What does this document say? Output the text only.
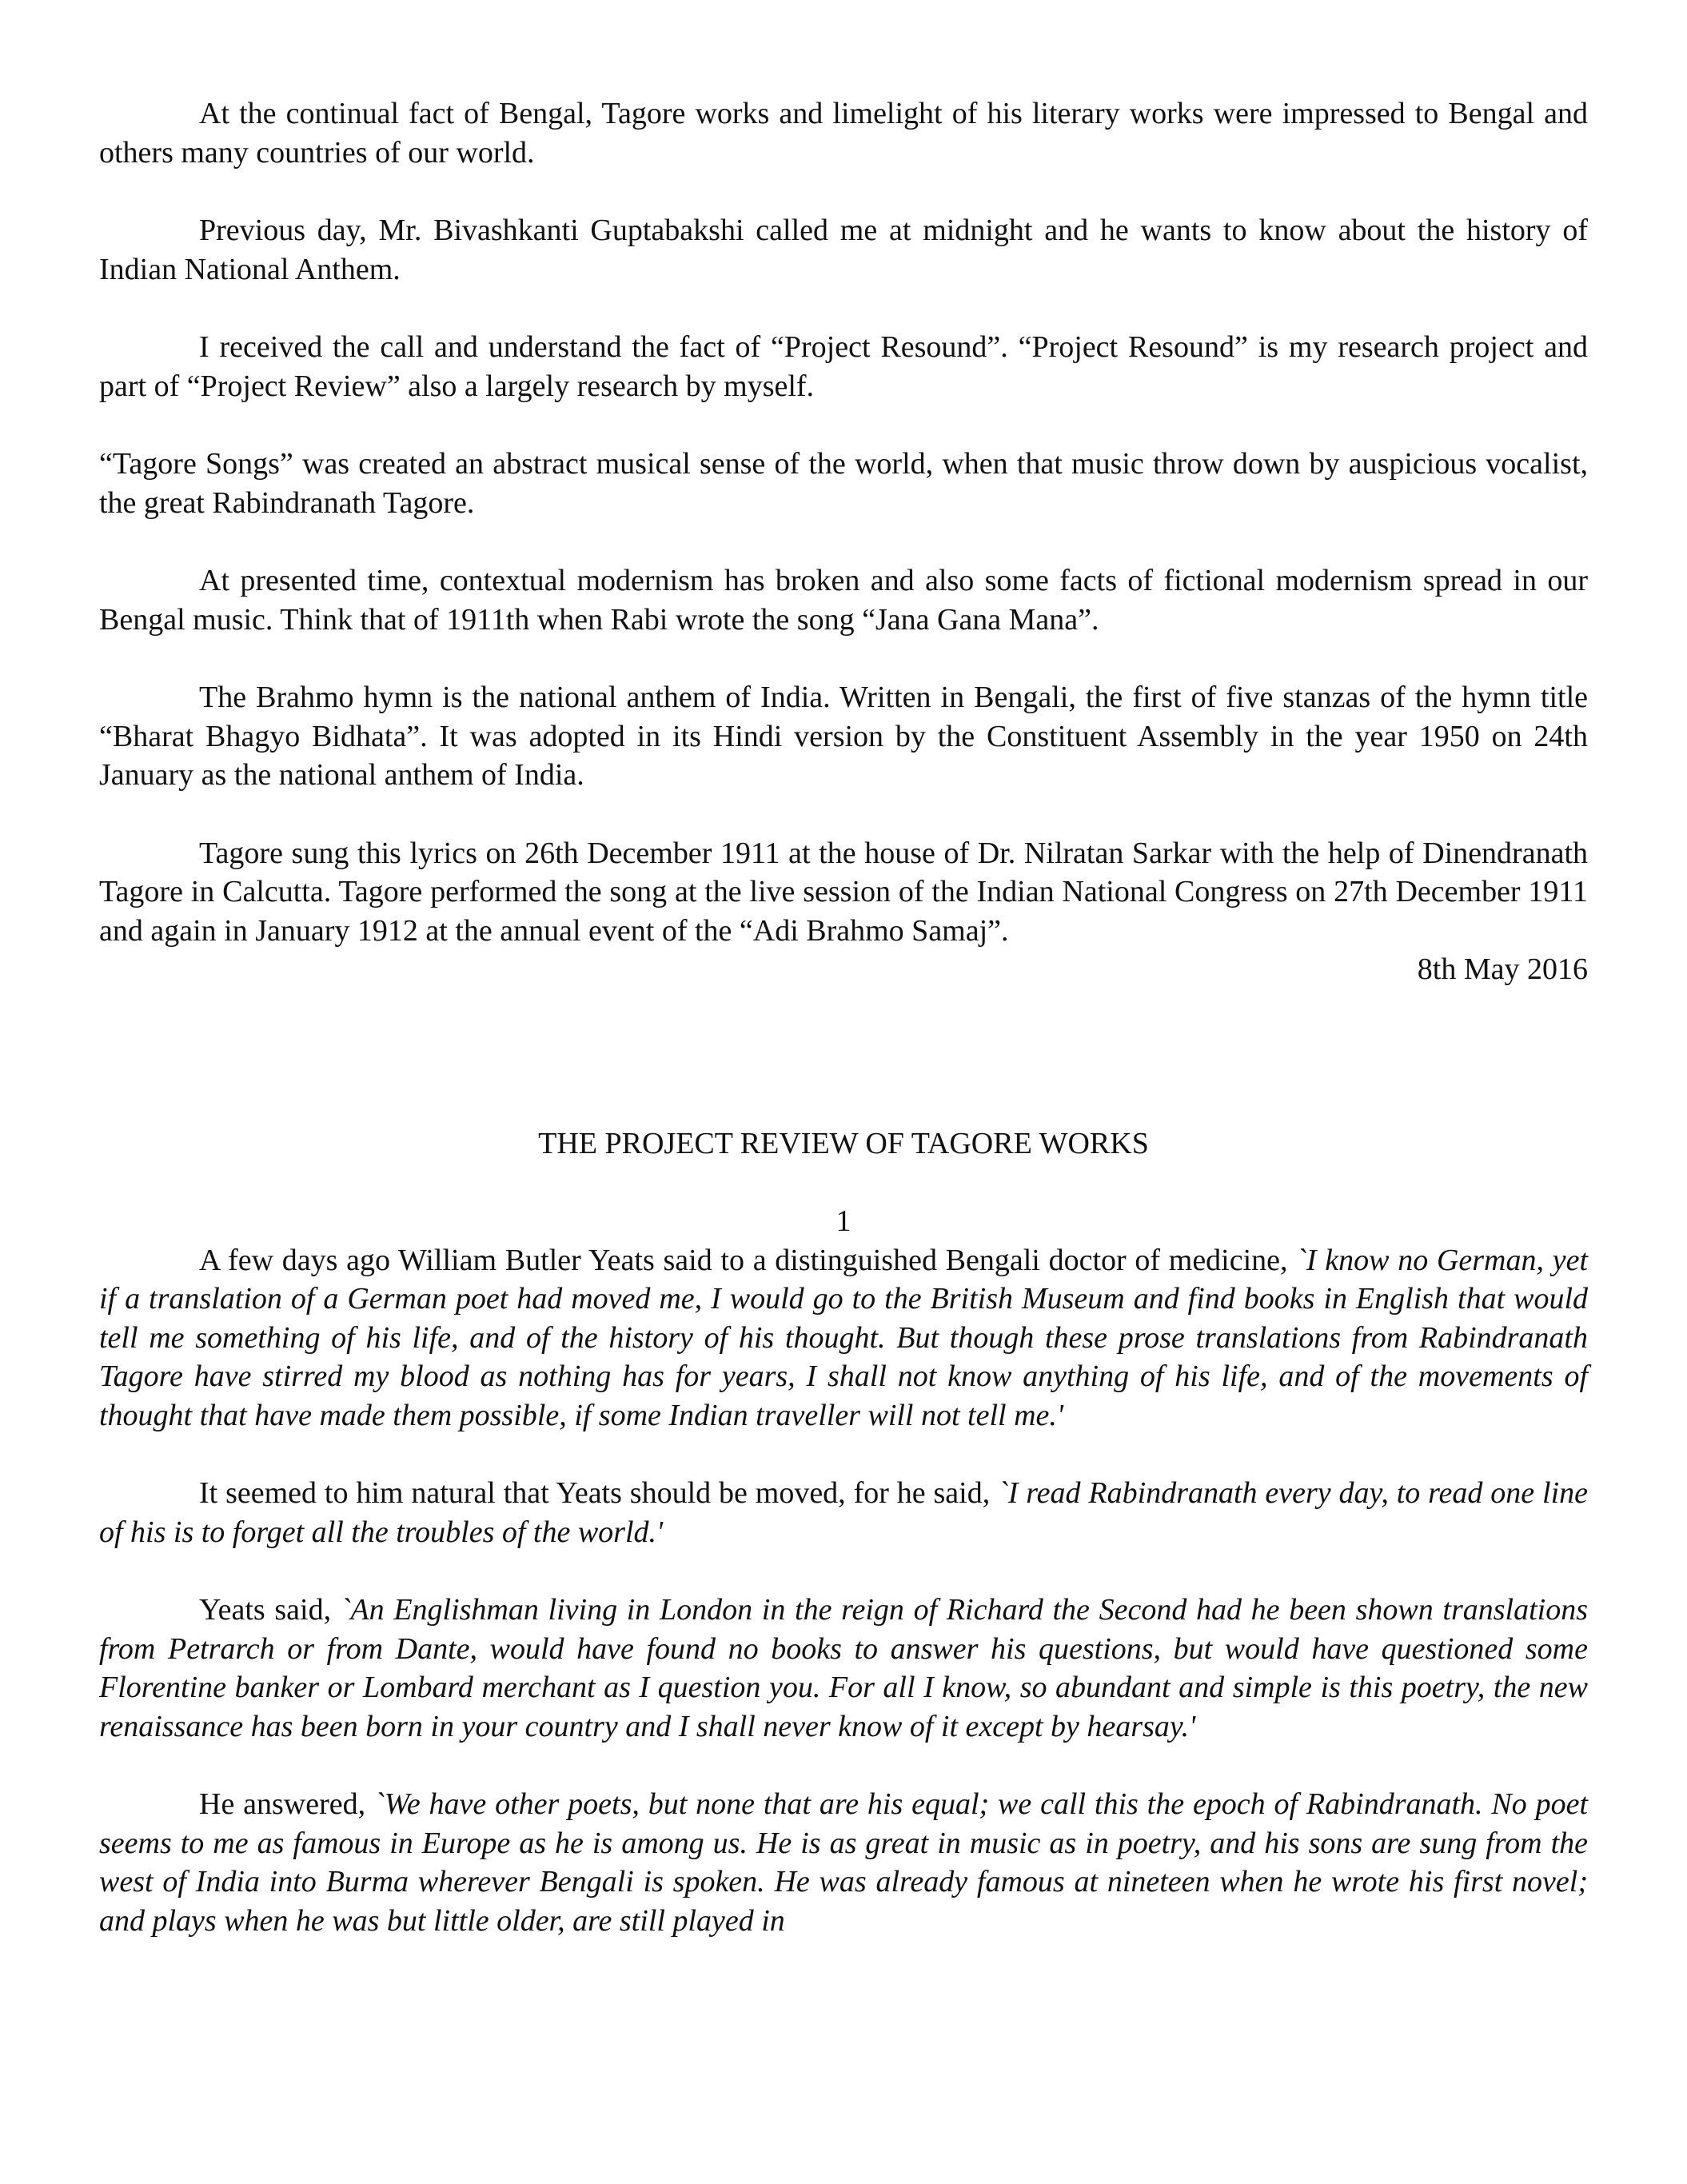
At the continual fact of Bengal, Tagore works and limelight of his literary works were impressed to Bengal and others many countries of our world.

Previous day, Mr. Bivashkanti Guptabakshi called me at midnight and he wants to know about the history of Indian National Anthem.

I received the call and understand the fact of “Project Resound”. “Project Resound” is my research project and part of “Project Review” also a largely research by myself.

“Tagore Songs” was created an abstract musical sense of the world, when that music throw down by auspicious vocalist, the great Rabindranath Tagore.

At presented time, contextual modernism has broken and also some facts of fictional modernism spread in our Bengal music. Think that of 1911th when Rabi wrote the song “Jana Gana Mana”.

The Brahmo hymn is the national anthem of India. Written in Bengali, the first of five stanzas of the hymn title “Bharat Bhagyo Bidhata”. It was adopted in its Hindi version by the Constituent Assembly in the year 1950 on 24th January as the national anthem of India.

Tagore sung this lyrics on 26th December 1911 at the house of Dr. Nilratan Sarkar with the help of Dinendranath Tagore in Calcutta. Tagore performed the song at the live session of the Indian National Congress on 27th December 1911 and again in January 1912 at the annual event of the “Adi Brahmo Samaj”.

8th May 2016

THE PROJECT REVIEW OF TAGORE WORKS
1

A few days ago William Butler Yeats said to a distinguished Bengali doctor of medicine, `I know no German, yet if a translation of a German poet had moved me, I would go to the British Museum and find books in English that would tell me something of his life, and of the history of his thought. But though these prose translations from Rabindranath Tagore have stirred my blood as nothing has for years, I shall not know anything of his life, and of the movements of thought that have made them possible, if some Indian traveller will not tell me.'

It seemed to him natural that Yeats should be moved, for he said, `I read Rabindranath every day, to read one line of his is to forget all the troubles of the world.'

Yeats said, `An Englishman living in London in the reign of Richard the Second had he been shown translations from Petrarch or from Dante, would have found no books to answer his questions, but would have questioned some Florentine banker or Lombard merchant as I question you. For all I know, so abundant and simple is this poetry, the new renaissance has been born in your country and I shall never know of it except by hearsay.'

He answered, `We have other poets, but none that are his equal; we call this the epoch of Rabindranath. No poet seems to me as famous in Europe as he is among us. He is as great in music as in poetry, and his sons are sung from the west of India into Burma wherever Bengali is spoken. He was already famous at nineteen when he wrote his first novel; and plays when he was but little older, are still played in
